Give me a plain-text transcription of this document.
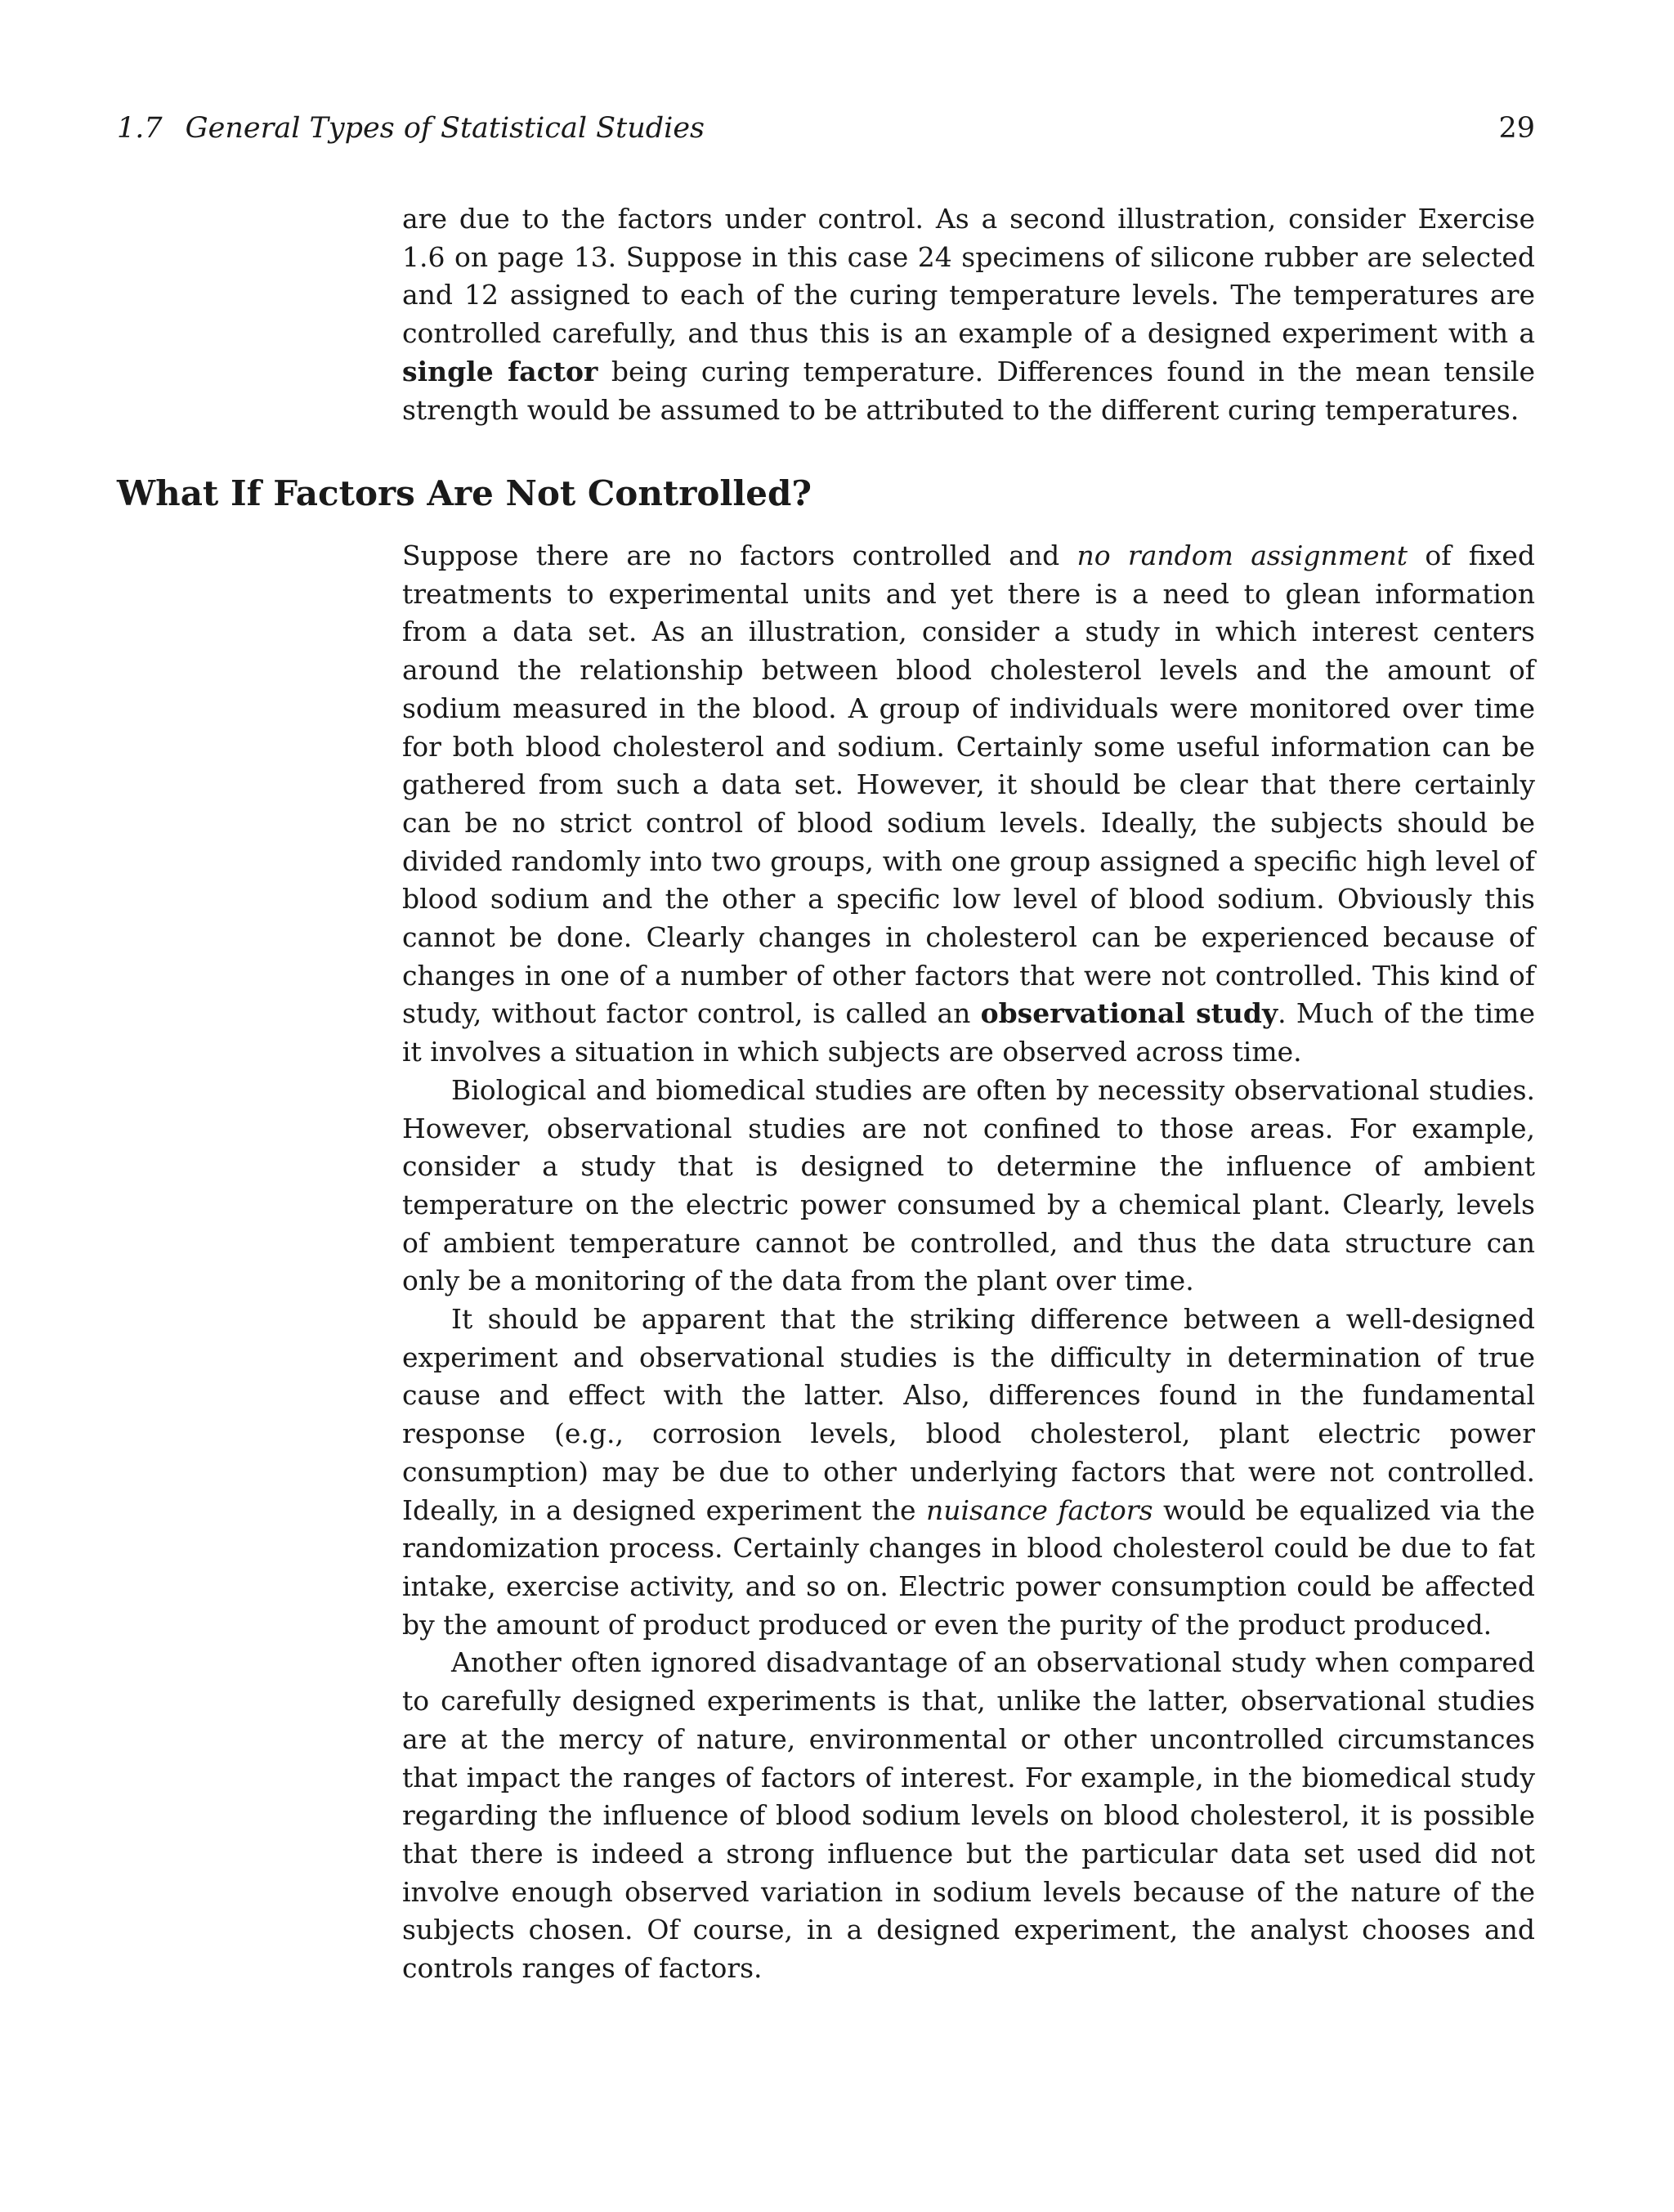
1.7 General Types of Statistical Studies	29

are due to the factors under control. As a second illustration, consider Exercise 1.6 on page 13. Suppose in this case 24 specimens of silicone rubber are selected and 12 assigned to each of the curing temperature levels. The temperatures are controlled carefully, and thus this is an example of a designed experiment with a single factor being curing temperature. Differences found in the mean tensile strength would be assumed to be attributed to the different curing temperatures.

What If Factors Are Not Controlled?

Suppose there are no factors controlled and no random assignment of fixed treatments to experimental units and yet there is a need to glean information from a data set. As an illustration, consider a study in which interest centers around the relationship between blood cholesterol levels and the amount of sodium measured in the blood. A group of individuals were monitored over time for both blood cholesterol and sodium. Certainly some useful information can be gathered from such a data set. However, it should be clear that there certainly can be no strict control of blood sodium levels. Ideally, the subjects should be divided randomly into two groups, with one group assigned a specific high level of blood sodium and the other a specific low level of blood sodium. Obviously this cannot be done. Clearly changes in cholesterol can be experienced because of changes in one of a number of other factors that were not controlled. This kind of study, without factor control, is called an observational study. Much of the time it involves a situation in which subjects are observed across time.

Biological and biomedical studies are often by necessity observational studies. However, observational studies are not confined to those areas. For example, consider a study that is designed to determine the influence of ambient temperature on the electric power consumed by a chemical plant. Clearly, levels of ambient temperature cannot be controlled, and thus the data structure can only be a monitoring of the data from the plant over time.

It should be apparent that the striking difference between a well-designed experiment and observational studies is the difficulty in determination of true cause and effect with the latter. Also, differences found in the fundamental response (e.g., corrosion levels, blood cholesterol, plant electric power consumption) may be due to other underlying factors that were not controlled. Ideally, in a designed experiment the nuisance factors would be equalized via the randomization process. Certainly changes in blood cholesterol could be due to fat intake, exercise activity, and so on. Electric power consumption could be affected by the amount of product produced or even the purity of the product produced.

Another often ignored disadvantage of an observational study when compared to carefully designed experiments is that, unlike the latter, observational studies are at the mercy of nature, environmental or other uncontrolled circumstances that impact the ranges of factors of interest. For example, in the biomedical study regarding the influence of blood sodium levels on blood cholesterol, it is possible that there is indeed a strong influence but the particular data set used did not involve enough observed variation in sodium levels because of the nature of the subjects chosen. Of course, in a designed experiment, the analyst chooses and controls ranges of factors.
